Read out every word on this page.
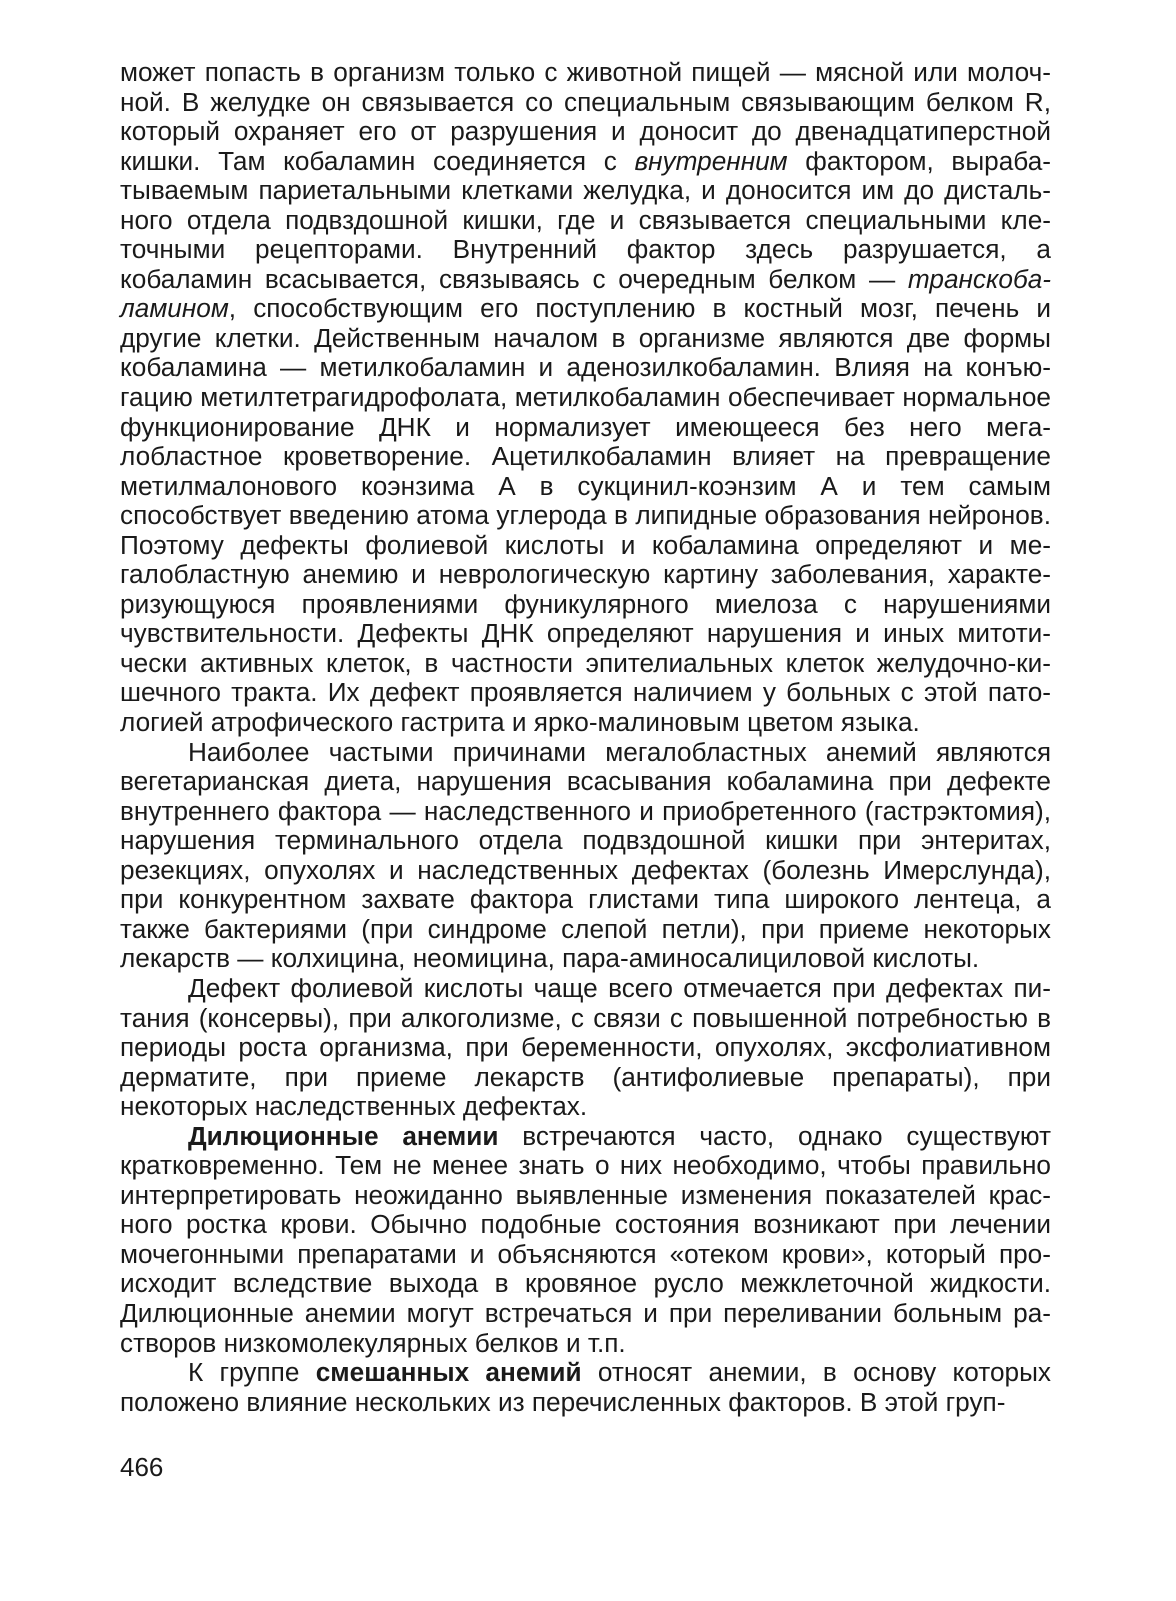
может попасть в организм только с животной пищей — мясной или молочной. В желудке он связывается со специальным связывающим белком R, который охраняет его от разрушения и доносит до двенадцатиперстной кишки. Там кобаламин соединяется с внутренним фактором, вырабатываемым париетальными клетками желудка, и доносится им до дистального отдела подвздошной кишки, где и связывается специальными клеточными рецепторами. Внутренний фактор здесь разрушается, а кобаламин всасывается, связываясь с очередным белком — транскобаламином, способствующим его поступлению в костный мозг, печень и другие клетки. Действенным началом в организме являются две формы кобаламина — метилкобаламин и аденозилкобаламин. Влияя на конъюгацию метилтетрагидрофолата, метилкобаламин обеспечивает нормальное функционирование ДНК и нормализует имеющееся без него мегалобластное кроветворение. Ацетилкобаламин влияет на превращение метилмалонового коэнзима А в сукцинил-коэнзим А и тем самым способствует введению атома углерода в липидные образования нейронов. Поэтому дефекты фолиевой кислоты и кобаламина определяют и мегалобластную анемию и неврологическую картину заболевания, характеризующуюся проявлениями фуникулярного миелоза с нарушениями чувствительности. Дефекты ДНК определяют нарушения и иных митотически активных клеток, в частности эпителиальных клеток желудочно-кишечного тракта. Их дефект проявляется наличием у больных с этой патологией атрофического гастрита и ярко-малиновым цветом языка.

Наиболее частыми причинами мегалобластных анемий являются вегетарианская диета, нарушения всасывания кобаламина при дефекте внутреннего фактора — наследственного и приобретенного (гастрэктомия), нарушения терминального отдела подвздошной кишки при энтеритах, резекциях, опухолях и наследственных дефектах (болезнь Имерслунда), при конкурентном захвате фактора глистами типа широкого лентеца, а также бактериями (при синдроме слепой петли), при приеме некоторых лекарств — колхицина, неомицина, пара-аминосалициловой кислоты.

Дефект фолиевой кислоты чаще всего отмечается при дефектах питания (консервы), при алкоголизме, с связи с повышенной потребностью в периоды роста организма, при беременности, опухолях, эксфолиативном дерматите, при приеме лекарств (антифолиевые препараты), при некоторых наследственных дефектах.

Дилюционные анемии встречаются часто, однако существуют кратковременно. Тем не менее знать о них необходимо, чтобы правильно интерпретировать неожиданно выявленные изменения показателей красного ростка крови. Обычно подобные состояния возникают при лечении мочегонными препаратами и объясняются «отеком крови», который происходит вследствие выхода в кровяное русло межклеточной жидкости. Дилюционные анемии могут встречаться и при переливании больным растворов низкомолекулярных белков и т.п.

К группе смешанных анемий относят анемии, в основу которых положено влияние нескольких из перечисленных факторов. В этой груп-

466
